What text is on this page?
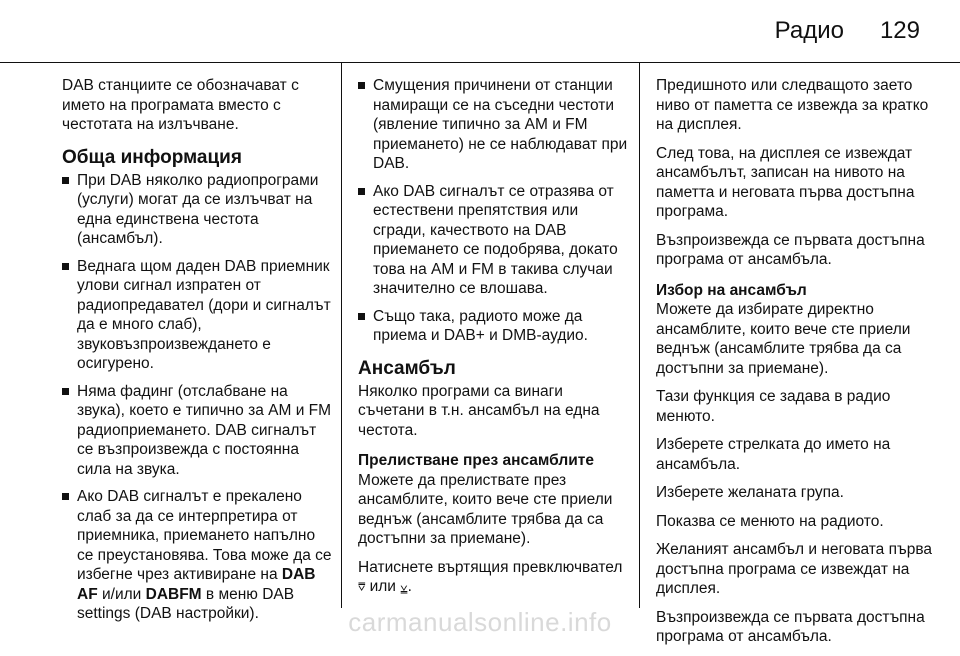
Радио 129

DAB станциите се обозначават с името на програмата вместо с честотата на излъчване.

Обща информация
При DAB няколко радиопрограми (услуги) могат да се излъчват на една единствена честота (ансамбъл).
Веднага щом даден DAB приемник улови сигнал изпратен от радиопредавател (дори и сигналът да е много слаб), звуковъзпроизвеждането е осигурено.
Няма фадинг (отслабване на звука), което е типично за AM и FM радиоприемането. DAB сигналът се възпроизвежда с постоянна сила на звука.
Ако DAB сигналът е прекалено слаб за да се интерпретира от приемника, приемането напълно се преустановява. Това може да се избегне чрез активиране на DAB AF и/или DABFM в меню DAB settings (DAB настройки).
Смущения причинени от станции намиращи се на съседни честоти (явление типично за AM и FM приемането) не се наблюдават при DAB.
Ако DAB сигналът се отразява от естествени препятствия или сгради, качеството на DAB приемането се подобрява, докато това на AM и FM в такива случаи значително се влошава.
Също така, радиото може да приема и DAB+ и DMB-аудио.
Ансамбъл

Няколко програми са винаги съчетани в т.н. ансамбъл на една честота.

Прелистване през ансамблите

Можете да прелиствате през ансамблите, които вече сте приели веднъж (ансамблите трябва да са достъпни за приемане).

Натиснете въртящия превключвател ⩢ или ⩣.

Предишното или следващото заето ниво от паметта се извежда за кратко на дисплея.

След това, на дисплея се извеждат ансамбълът, записан на нивото на паметта и неговата първа достъпна програма.

Възпроизвежда се първата достъпна програма от ансамбъла.

Избор на ансамбъл

Можете да избирате директно ансамблите, които вече сте приели веднъж (ансамблите трябва да са достъпни за приемане).

Тази функция се задава в радио менюто.

Изберете стрелката до името на ансамбъла.

Изберете желаната група.

Показва се менюто на радиото.

Желаният ансамбъл и неговата първа достъпна програма се извеждат на дисплея.

Възпроизвежда се първата достъпна програма от ансамбъла.

carmanualsonline.info
